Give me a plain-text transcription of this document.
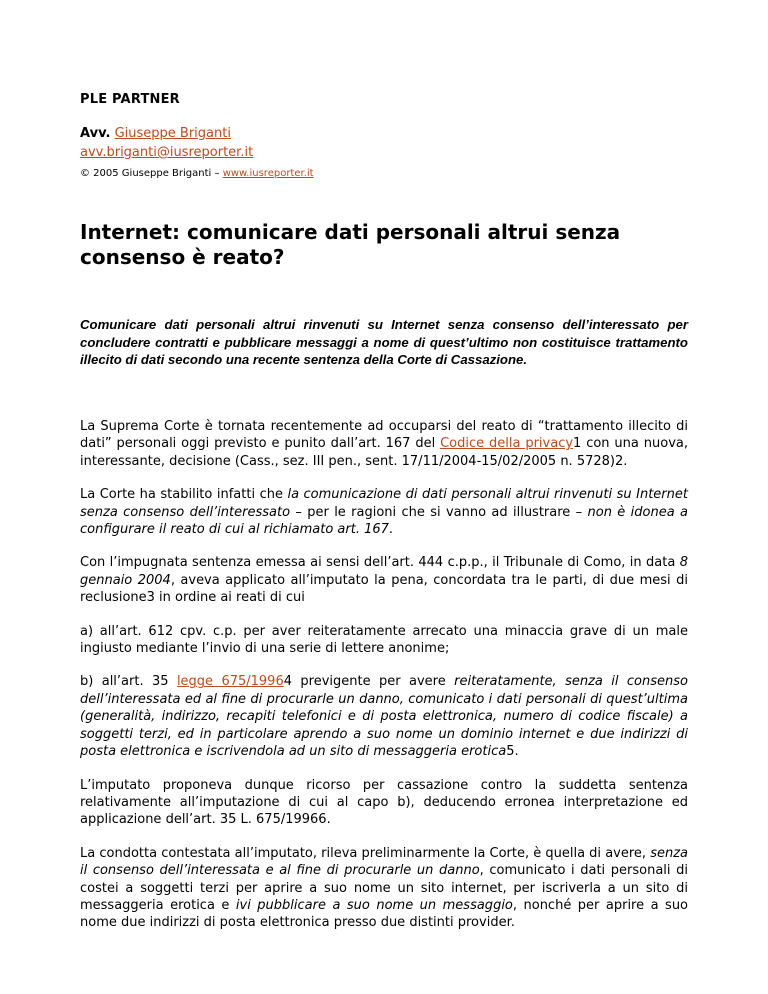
PLE PARTNER
Avv. Giuseppe Briganti
avv.briganti@iusreporter.it
© 2005 Giuseppe Briganti – www.iusreporter.it
Internet: comunicare dati personali altrui senza consenso è reato?

Comunicare dati personali altrui rinvenuti su Internet senza consenso dell’interessato per concludere contratti e pubblicare messaggi a nome di quest’ultimo non costituisce trattamento illecito di dati secondo una recente sentenza della Corte di Cassazione.

La Suprema Corte è tornata recentemente ad occuparsi del reato di “trattamento illecito di dati” personali oggi previsto e punito dall’art. 167 del Codice della privacy1 con una nuova, interessante, decisione (Cass., sez. III pen., sent. 17/11/2004-15/02/2005 n. 5728)2.

La Corte ha stabilito infatti che la comunicazione di dati personali altrui rinvenuti su Internet senza consenso dell’interessato – per le ragioni che si vanno ad illustrare – non è idonea a configurare il reato di cui al richiamato art. 167.

Con l’impugnata sentenza emessa ai sensi dell’art. 444 c.p.p., il Tribunale di Como, in data 8 gennaio 2004, aveva applicato all’imputato la pena, concordata tra le parti, di due mesi di reclusione3 in ordine ai reati di cui

a) all’art. 612 cpv. c.p. per aver reiteratamente arrecato una minaccia grave di un male ingiusto mediante l’invio di una serie di lettere anonime;

b) all’art. 35 legge 675/19964 previgente per avere reiteratamente, senza il consenso dell’interessata ed al fine di procurarle un danno, comunicato i dati personali di quest’ultima (generalità, indirizzo, recapiti telefonici e di posta elettronica, numero di codice fiscale) a soggetti terzi, ed in particolare aprendo a suo nome un dominio internet e due indirizzi di posta elettronica e iscrivendola ad un sito di messaggeria erotica5.

L’imputato proponeva dunque ricorso per cassazione contro la suddetta sentenza relativamente all’imputazione di cui al capo b), deducendo erronea interpretazione ed applicazione dell’art. 35 L. 675/19966.

La condotta contestata all’imputato, rileva preliminarmente la Corte, è quella di avere, senza il consenso dell’interessata e al fine di procurarle un danno, comunicato i dati personali di costei a soggetti terzi per aprire a suo nome un sito internet, per iscriverla a un sito di messaggeria erotica e ivi pubblicare a suo nome un messaggio, nonché per aprire a suo nome due indirizzi di posta elettronica presso due distinti provider.
